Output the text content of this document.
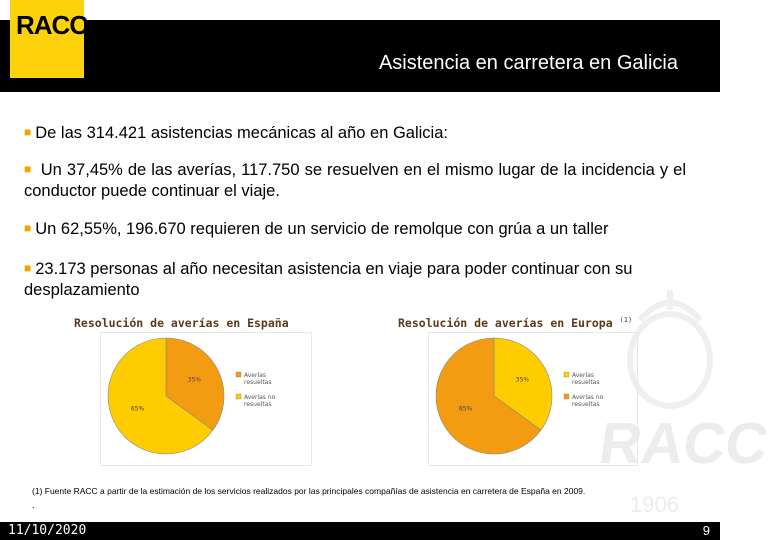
RACC
1906
RACC
Asistencia en carretera en Galicia
■ De las 314.421 asistencias mecánicas al año en Galicia:
■ Un 37,45% de las averías, 117.750 se resuelven en el mismo lugar de la incidencia y el conductor puede continuar el viaje.
■ Un 62,55%, 196.670 requieren de un servicio de remolque con grúa a un taller
■ 23.173 personas al año necesitan asistencia en viaje para poder continuar con su desplazamiento
Resolución de averías en España
35%
65%
Averías resueltas
Averías no resueltas
Resolución de averías en Europa $^{(1)}$
35%
65%
Averías resueltas
Averías no resueltas
(1) Fuente RACC a partir de la estimación de los servicios realizados por las principales compañías de asistencia en carretera de España en 2009.
.
11/10/2020	9
